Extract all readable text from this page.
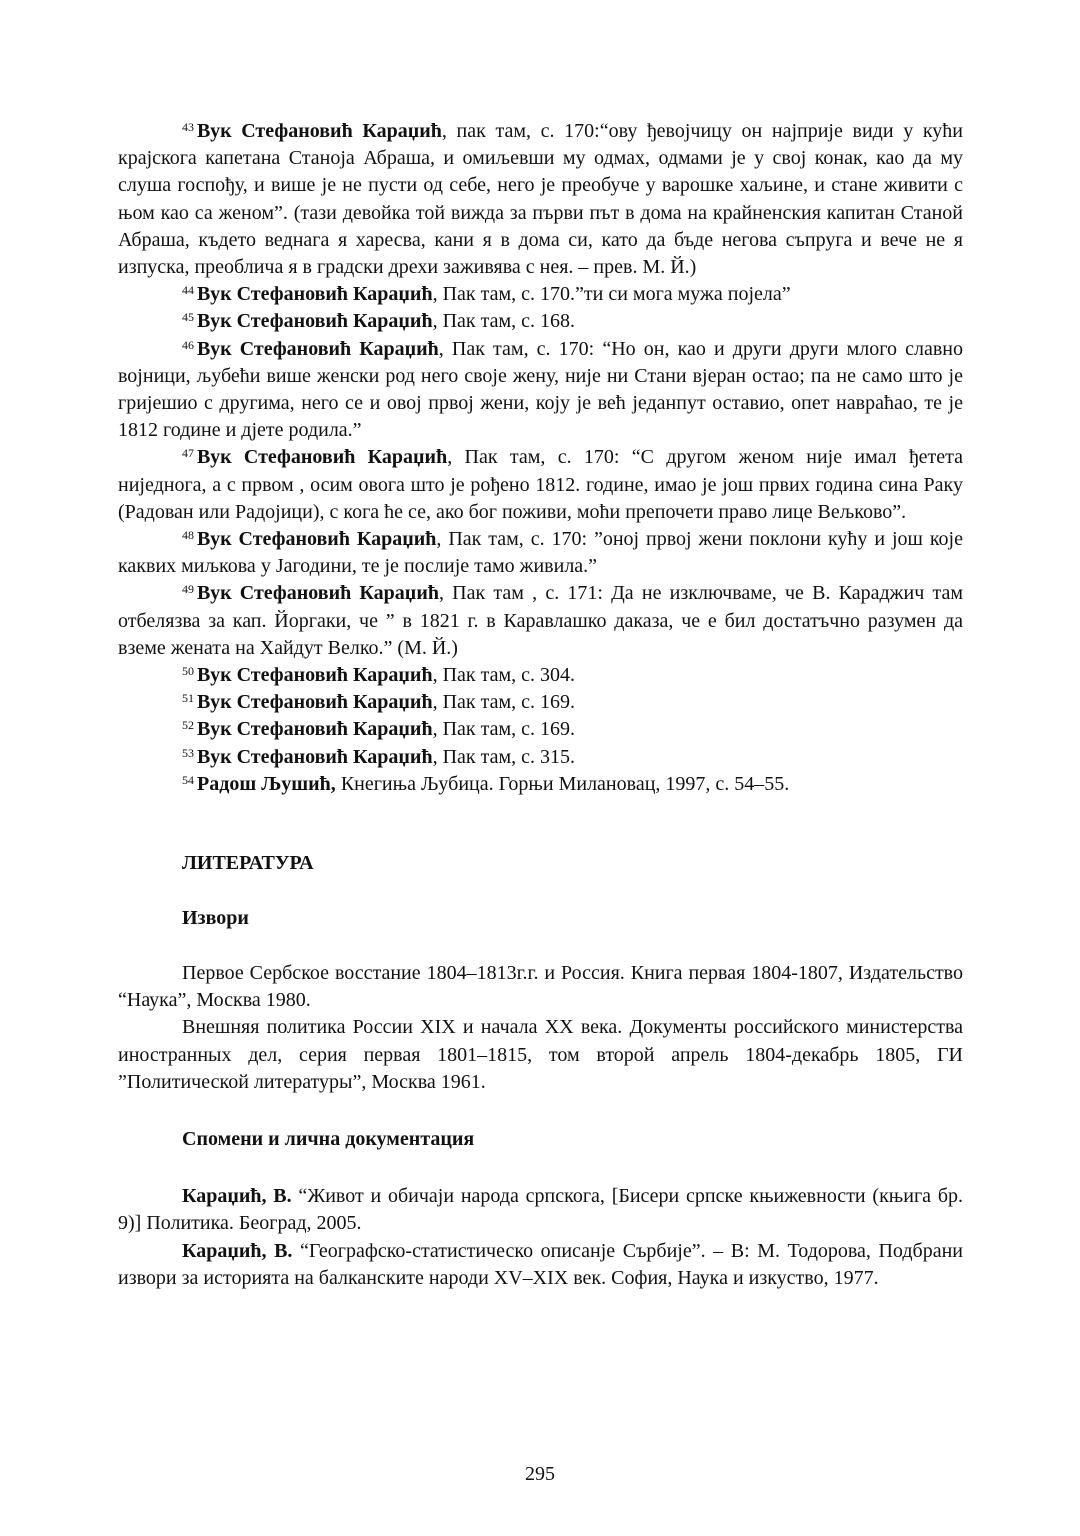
$^{43}$ Вук Стефановић Караџић, пак там, с. 170:“ову ђевојчицу он најприје види у кући крајскога капетана Станоја Абраша, и омиљевши му одмах, одмами је у свој конак, као да му слуша госпођу, и више је не пусти од себе, него је преобуче у варошке хаљине, и стане живити с њом као са женом”. (тази девойка той вижда за първи път в дома на крайненския капитан Станой Абраша, където веднага я харесва, кани я в дома си, като да бъде негова съпруга и вече не я изпуска, преоблича я в градски дрехи заживява с нея. – прев. М. Й.)

$^{44}$ Вук Стефановић Караџић, Пак там, с. 170.”ти си мога мужа појела”

$^{45}$ Вук Стефановић Караџић, Пак там, с. 168.

$^{46}$ Вук Стефановић Караџић, Пак там, с. 170: “Но он, као и други други млого славно војници, љубећи више женски род него своје жену, није ни Стани вјеран остао; па не само што је гријешио с другима, него се и овој првој жени, коју је већ једанпут оставио, опет навраћао, те је 1812 године и дјете родила.”

$^{47}$ Вук Стефановић Караџић, Пак там, с. 170: “С другом женом није имал ђетета ниједнога, а с првом , осим овога што је рођено 1812. године, имао је још првих година сина Раку (Радован или Радојици), с кога ће се, ако бог поживи, моћи препочети право лице Вељково”.

$^{48}$ Вук Стефановић Караџић, Пак там, с. 170: ”оној првој жени поклони кућу и још које каквих миљкова у Јагодини, те је послије тамо живила.”

$^{49}$ Вук Стефановић Караџић, Пак там , с. 171: Да не изключваме, че В. Караджич там отбелязва за кап. Йоргаки, че ” в 1821 г. в Каравлашко даказа, че е бил достатъчно разумен да вземе жената на Хайдут Велко.” (М. Й.)

$^{50}$ Вук Стефановић Караџић, Пак там, с. 304.

$^{51}$ Вук Стефановић Караџић, Пак там, с. 169.

$^{52}$ Вук Стефановић Караџић, Пак там, с. 169.

$^{53}$ Вук Стефановић Караџић, Пак там, с. 315.

$^{54}$ Радош Љушић, Кнегиња Љубица. Горњи Милановац, 1997, с. 54–55.

ЛИТЕРАТУРА
Извори

Первое Сербское восстание 1804–1813г.г. и Россия. Книга первая 1804-1807, Издательство “Наука”, Москва 1980.

Внешняя политика России XIX и начала XX века. Документы российского министерства иностранных дел, серия первая 1801–1815, том второй апрель 1804-декабрь 1805, ГИ ”Политической литературы”, Москва 1961.

Спомени и лична документация

Караџић, В. “Живот и обичаји народа српскога, [Бисери српске књижевности (књига бр. 9)] Политика. Београд, 2005.

Караџић, В. “Географско-статистическо описанје Сърбије”. – В: М. Тодорова, Подбрани извори за историята на балканските народи XV–XIX век. София, Наука и изкуство, 1977.

295
